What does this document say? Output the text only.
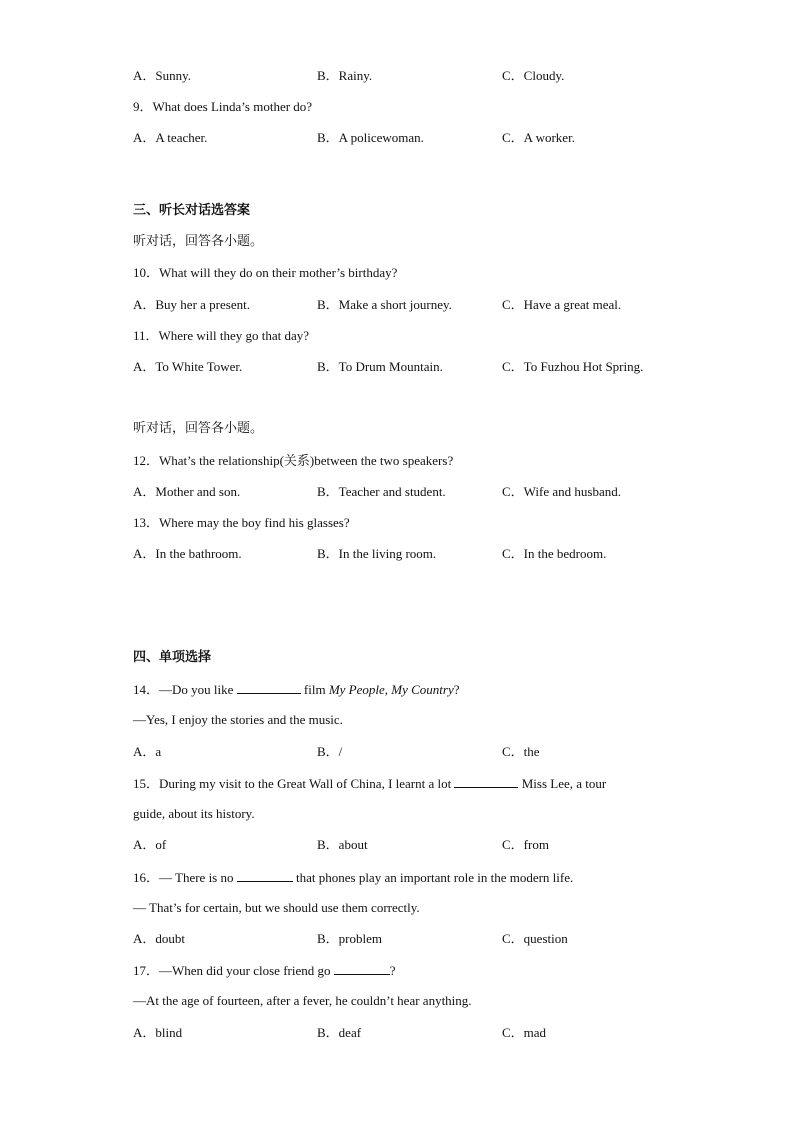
A．Sunny.	B．Rainy.	C．Cloudy.
9．What does Linda’s mother do?
A．A teacher.	B．A policewoman.	C．A worker.
三、听长对话选答案
听对话，回答各小题。
10．What will they do on their mother’s birthday?
A．Buy her a present.	B．Make a short journey.	C．Have a great meal.
11．Where will they go that day?
A．To White Tower.	B．To Drum Mountain.	C．To Fuzhou Hot Spring.
听对话，回答各小题。
12．What’s the relationship(关系)between the two speakers?
A．Mother and son.	B．Teacher and student.	C．Wife and husband.
13．Where may the boy find his glasses?
A．In the bathroom.	B．In the living room.	C．In the bedroom.
四、单项选择
14．—Do you like	film My People, My Country?
—Yes, I enjoy the stories and the music.
A．a	B．/	C．the
15．During my visit to the Great Wall of China, I learnt a lot	Miss Lee, a tour
guide, about its history.
A．of	B．about	C．from
16．— There is no	that phones play an important role in the modern life.
— That’s for certain, but we should use them correctly.
A．doubt	B．problem	C．question
17．—When did your close friend go	?
—At the age of fourteen, after a fever, he couldn’t hear anything.
A．blind	B．deaf	C．mad
